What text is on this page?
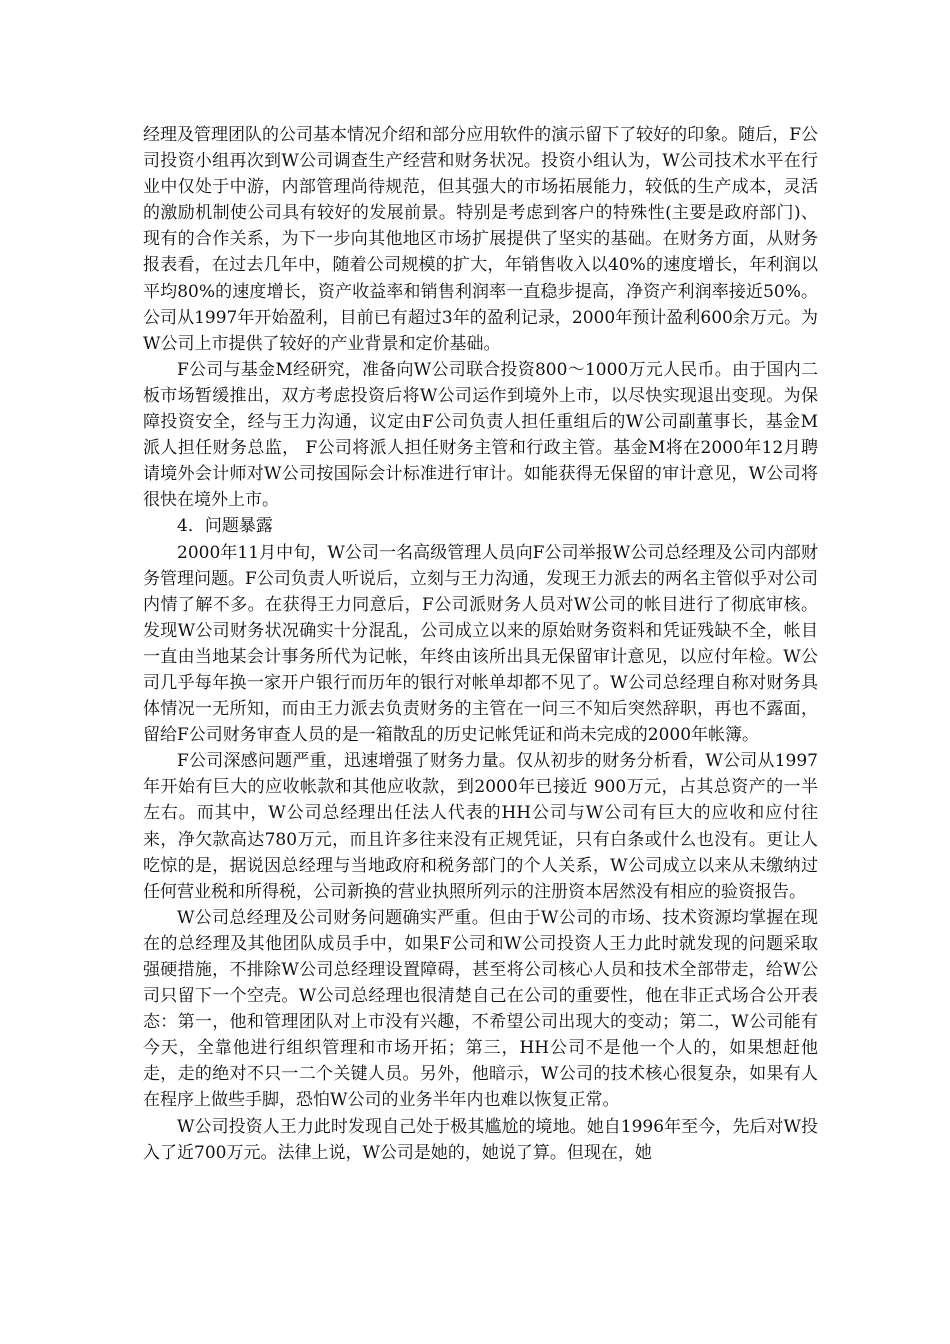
经理及管理团队的公司基本情况介绍和部分应用软件的演示留下了较好的印象。随后，F公司投资小组再次到W公司调查生产经营和财务状况。投资小组认为，W公司技术水平在行业中仅处于中游，内部管理尚待规范，但其强大的市场拓展能力，较低的生产成本，灵活的激励机制使公司具有较好的发展前景。特别是考虑到客户的特殊性(主要是政府部门)、现有的合作关系，为下一步向其他地区市场扩展提供了坚实的基础。在财务方面，从财务报表看，在过去几年中，随着公司规模的扩大，年销售收入以40%的速度增长，年利润以平均80%的速度增长，资产收益率和销售利润率一直稳步提高，净资产利润率接近50%。公司从1997年开始盈利，目前已有超过3年的盈利记录，2000年预计盈利600余万元。为W公司上市提供了较好的产业背景和定价基础。

F公司与基金M经研究，准备向W公司联合投资800～1000万元人民币。由于国内二板市场暂缓推出，双方考虑投资后将W公司运作到境外上市，以尽快实现退出变现。为保障投资安全，经与王力沟通，议定由F公司负责人担任重组后的W公司副董事长，基金M派人担任财务总监， F公司将派人担任财务主管和行政主管。基金M将在2000年12月聘请境外会计师对W公司按国际会计标准进行审计。如能获得无保留的审计意见，W公司将很快在境外上市。

4．问题暴露

2000年11月中旬，W公司一名高级管理人员向F公司举报W公司总经理及公司内部财务管理问题。F公司负责人听说后，立刻与王力沟通，发现王力派去的两名主管似乎对公司内情了解不多。在获得王力同意后，F公司派财务人员对W公司的帐目进行了彻底审核。发现W公司财务状况确实十分混乱，公司成立以来的原始财务资料和凭证残缺不全，帐目一直由当地某会计事务所代为记帐，年终由该所出具无保留审计意见，以应付年检。W公司几乎每年换一家开户银行而历年的银行对帐单却都不见了。W公司总经理自称对财务具体情况一无所知，而由王力派去负责财务的主管在一问三不知后突然辞职，再也不露面，留给F公司财务审查人员的是一箱散乱的历史记帐凭证和尚未完成的2000年帐簿。

F公司深感问题严重，迅速增强了财务力量。仅从初步的财务分析看，W公司从1997年开始有巨大的应收帐款和其他应收款，到2000年已接近 900万元，占其总资产的一半左右。而其中，W公司总经理出任法人代表的HH公司与W公司有巨大的应收和应付往来，净欠款高达780万元，而且许多往来没有正规凭证，只有白条或什么也没有。更让人吃惊的是，据说因总经理与当地政府和税务部门的个人关系，W公司成立以来从未缴纳过任何营业税和所得税，公司新换的营业执照所列示的注册资本居然没有相应的验资报告。

W公司总经理及公司财务问题确实严重。但由于W公司的市场、技术资源均掌握在现在的总经理及其他团队成员手中，如果F公司和W公司投资人王力此时就发现的问题采取强硬措施，不排除W公司总经理设置障碍，甚至将公司核心人员和技术全部带走，给W公司只留下一个空壳。W公司总经理也很清楚自己在公司的重要性，他在非正式场合公开表态：第一，他和管理团队对上市没有兴趣，不希望公司出现大的变动；第二，W公司能有今天，全靠他进行组织管理和市场开拓；第三，HH公司不是他一个人的，如果想赶他走，走的绝对不只一二个关键人员。另外，他暗示，W公司的技术核心很复杂，如果有人在程序上做些手脚，恐怕W公司的业务半年内也难以恢复正常。

W公司投资人王力此时发现自己处于极其尴尬的境地。她自1996年至今，先后对W投入了近700万元。法律上说，W公司是她的，她说了算。但现在，她
